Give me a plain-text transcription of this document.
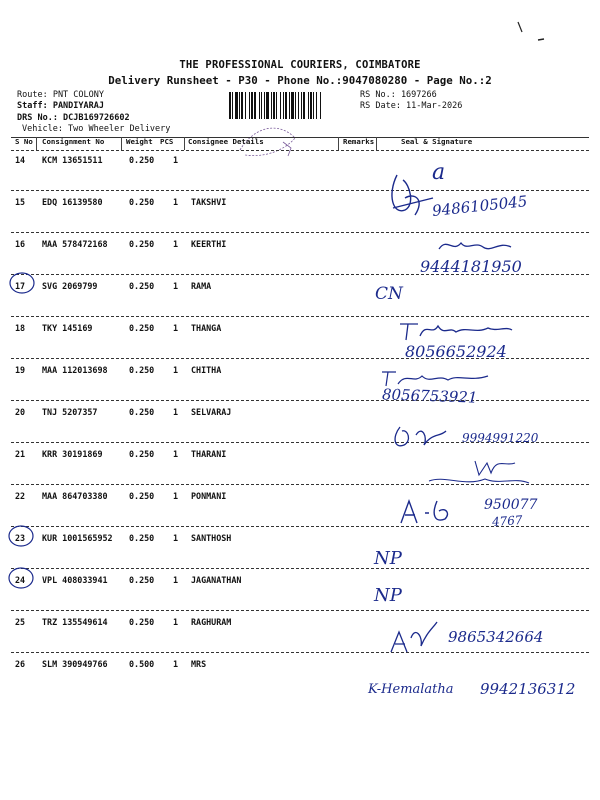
THE PROFESSIONAL COURIERS, COIMBATORE
Delivery Runsheet - P30 - Phone No.:9047080280 - Page No.:2
Route: PNT COLONY
Staff: PANDIYARAJ
DRS No.: DCJB169726602
Vehicle: Two Wheeler Delivery
RS No.: 1697266
RS Date: 11-Mar-2026
S No Consignment No	Weight PCS Consignee Details	Remarks	Seal & Signature
14 KCM 13651511	0.250 1
15 EDQ 16139580	0.250 1 TAKSHVI
16 MAA 578472168	0.250 1 KEERTHI
17 SVG 2069799	0.250 1 RAMA
18 TKY 145169	0.250 1 THANGA
19 MAA 112013698	0.250 1 CHITHA
20 TNJ 5207357	0.250 1 SELVARAJ
21 KRR 30191869	0.250 1 THARANI
22 MAA 864703380	0.250 1 PONMANI
23 KUR 1001565952 0.250 1 SANTHOSH
24 VPL 408033941	0.250 1 JAGANATHAN
25 TRZ 135549614	0.250 1 RAGHURAM
26 SLM 390949766	0.500 1 MRS
a
9486105045
9444181950
CN
8056652924
8056753921
9994991220
950077
4767
NP
NP
9865342664
K-Hemalatha 9942136312
